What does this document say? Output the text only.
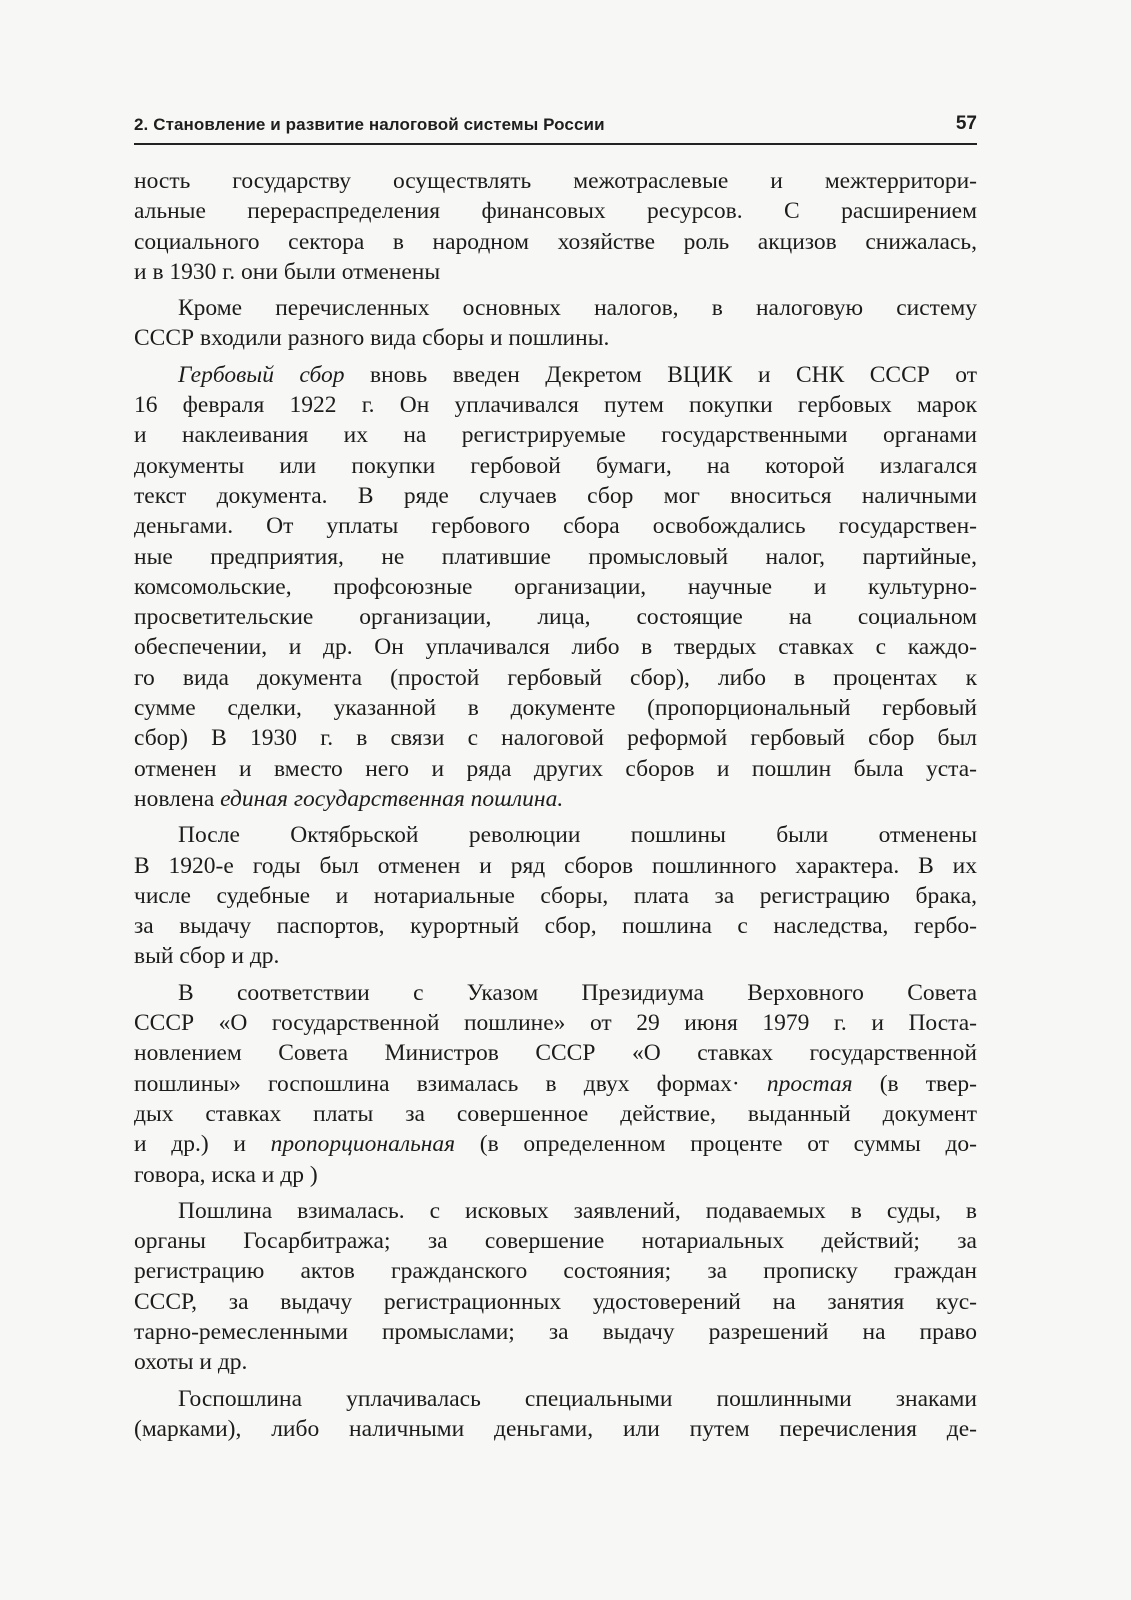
2. Становление и развитие налоговой системы России	57

ность государству осуществлять межотраслевые и межтерритори-
альные перераспределения финансовых ресурсов. С расширением
социального сектора в народном хозяйстве роль акцизов снижалась,
и в 1930 г. они были отменены

Кроме перечисленных основных налогов, в налоговую систему
СССР входили разного вида сборы и пошлины.

Гербовый сбор вновь введен Декретом ВЦИК и СНК СССР от
16 февраля 1922 г. Он уплачивался путем покупки гербовых марок
и наклеивания их на регистрируемые государственными органами
документы или покупки гербовой бумаги, на которой излагался
текст документа. В ряде случаев сбор мог вноситься наличными
деньгами. От уплаты гербового сбора освобождались государствен-
ные предприятия, не платившие промысловый налог, партийные,
комсомольские, профсоюзные организации, научные и культурно-
просветительские организации, лица, состоящие на социальном
обеспечении, и др. Он уплачивался либо в твердых ставках с каждо-
го вида документа (простой гербовый сбор), либо в процентах к
сумме сделки, указанной в документе (пропорциональный гербовый
сбор) В 1930 г. в связи с налоговой реформой гербовый сбор был
отменен и вместо него и ряда других сборов и пошлин была уста-
новлена единая государственная пошлина.

После Октябрьской революции пошлины были отменены
В 1920-е годы был отменен и ряд сборов пошлинного характера. В их
числе судебные и нотариальные сборы, плата за регистрацию брака,
за выдачу паспортов, курортный сбор, пошлина с наследства, гербо-
вый сбор и др.

В соответствии с Указом Президиума Верховного Совета
СССР «О государственной пошлине» от 29 июня 1979 г. и Поста-
новлением Совета Министров СССР «О ставках государственной
пошлины» госпошлина взималась в двух формах· простая (в твер-
дых ставках платы за совершенное действие, выданный документ
и др.) и пропорциональная (в определенном проценте от суммы до-
говора, иска и др )

Пошлина взималась. с исковых заявлений, подаваемых в суды, в
органы Госарбитража; за совершение нотариальных действий; за
регистрацию актов гражданского состояния; за прописку граждан
СССР, за выдачу регистрационных удостоверений на занятия кус-
тарно-ремесленными промыслами; за выдачу разрешений на право
охоты и др.

Госпошлина уплачивалась специальными пошлинными знаками
(марками), либо наличными деньгами, или путем перечисления де-
